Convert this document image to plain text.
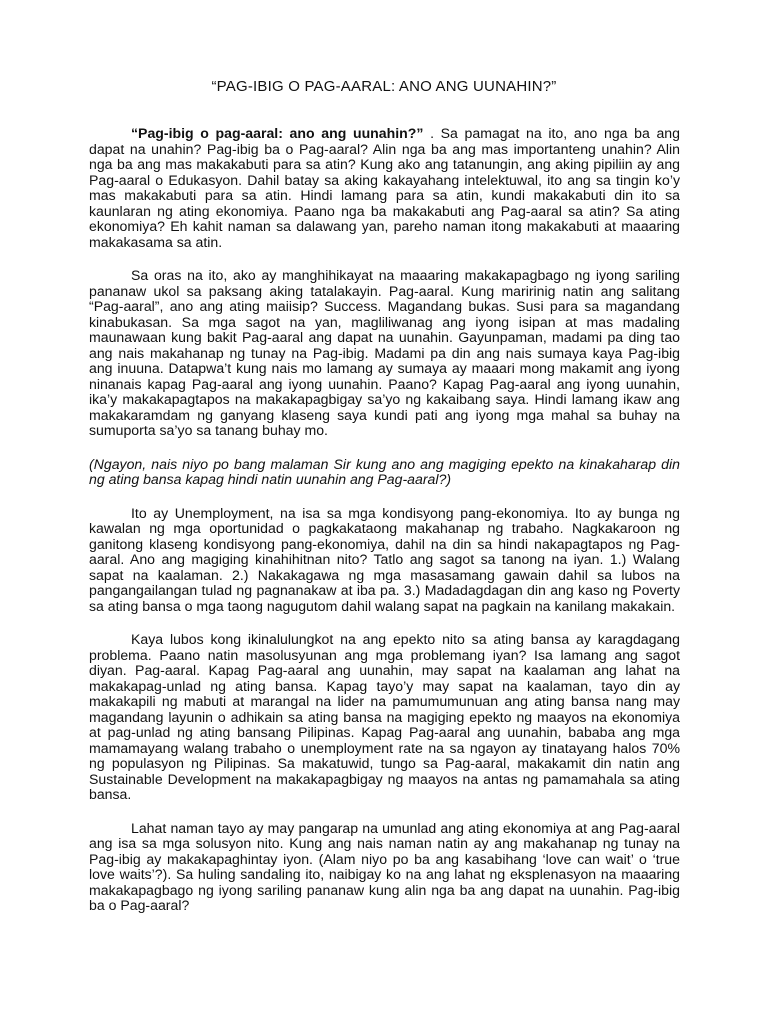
“PAG-IBIG O PAG-AARAL: ANO ANG UUNAHIN?”

“Pag-ibig o pag-aaral: ano ang uunahin?” . Sa pamagat na ito, ano nga ba ang dapat na unahin? Pag-ibig ba o Pag-aaral? Alin nga ba ang mas importanteng unahin? Alin nga ba ang mas makakabuti para sa atin? Kung ako ang tatanungin, ang aking pipiliin ay ang Pag-aaral o Edukasyon. Dahil batay sa aking kakayahang intelektuwal, ito ang sa tingin ko’y mas makakabuti para sa atin. Hindi lamang para sa atin, kundi makakabuti din ito sa kaunlaran ng ating ekonomiya. Paano nga ba makakabuti ang Pag-aaral sa atin? Sa ating ekonomiya? Eh kahit naman sa dalawang yan, pareho naman itong makakabuti at maaaring makakasama sa atin.

Sa oras na ito, ako ay manghihikayat na maaaring makakapagbago ng iyong sariling pananaw ukol sa paksang aking tatalakayin. Pag-aaral. Kung maririnig natin ang salitang “Pag-aaral”, ano ang ating maiisip? Success. Magandang bukas. Susi para sa magandang kinabukasan. Sa mga sagot na yan, magliliwanag ang iyong isipan at mas madaling maunawaan kung bakit Pag-aaral ang dapat na uunahin. Gayunpaman, madami pa ding tao ang nais makahanap ng tunay na Pag-ibig. Madami pa din ang nais sumaya kaya Pag-ibig ang inuuna. Datapwa’t kung nais mo lamang ay sumaya ay maaari mong makamit ang iyong ninanais kapag Pag-aaral ang iyong uunahin. Paano? Kapag Pag-aaral ang iyong uunahin, ika’y makakapagtapos na makakapagbigay sa’yo ng kakaibang saya. Hindi lamang ikaw ang makakaramdam ng ganyang klaseng saya kundi pati ang iyong mga mahal sa buhay na sumuporta sa’yo sa tanang buhay mo.

(Ngayon, nais niyo po bang malaman Sir kung ano ang magiging epekto na kinakaharap din ng ating bansa kapag hindi natin uunahin ang Pag-aaral?)

Ito ay Unemployment, na isa sa mga kondisyong pang-ekonomiya. Ito ay bunga ng kawalan ng mga oportunidad o pagkakataong makahanap ng trabaho. Nagkakaroon ng ganitong klaseng kondisyong pang-ekonomiya, dahil na din sa hindi nakapagtapos ng Pag-aaral. Ano ang magiging kinahihitnan nito? Tatlo ang sagot sa tanong na iyan. 1.) Walang sapat na kaalaman. 2.) Nakakagawa ng mga masasamang gawain dahil sa lubos na pangangailangan tulad ng pagnanakaw at iba pa. 3.) Madadagdagan din ang kaso ng Poverty sa ating bansa o mga taong nagugutom dahil walang sapat na pagkain na kanilang makakain.

Kaya lubos kong ikinalulungkot na ang epekto nito sa ating bansa ay karagdagang problema. Paano natin masolusyunan ang mga problemang iyan? Isa lamang ang sagot diyan. Pag-aaral. Kapag Pag-aaral ang uunahin, may sapat na kaalaman ang lahat na makakapag-unlad ng ating bansa. Kapag tayo’y may sapat na kaalaman, tayo din ay makakapili ng mabuti at marangal na lider na pamumumunuan ang ating bansa nang may magandang layunin o adhikain sa ating bansa na magiging epekto ng maayos na ekonomiya at pag-unlad ng ating bansang Pilipinas. Kapag Pag-aaral ang uunahin, bababa ang mga mamamayang walang trabaho o unemployment rate na sa ngayon ay tinatayang halos 70% ng populasyon ng Pilipinas. Sa makatuwid, tungo sa Pag-aaral, makakamit din natin ang Sustainable Development na makakapagbigay ng maayos na antas ng pamamahala sa ating bansa.

Lahat naman tayo ay may pangarap na umunlad ang ating ekonomiya at ang Pag-aaral ang isa sa mga solusyon nito. Kung ang nais naman natin ay ang makahanap ng tunay na Pag-ibig ay makakapaghintay iyon. (Alam niyo po ba ang kasabihang ‘love can wait’ o ‘true love waits’?). Sa huling sandaling ito, naibigay ko na ang lahat ng eksplenasyon na maaaring makakapagbago ng iyong sariling pananaw kung alin nga ba ang dapat na uunahin. Pag-ibig ba o Pag-aaral?
